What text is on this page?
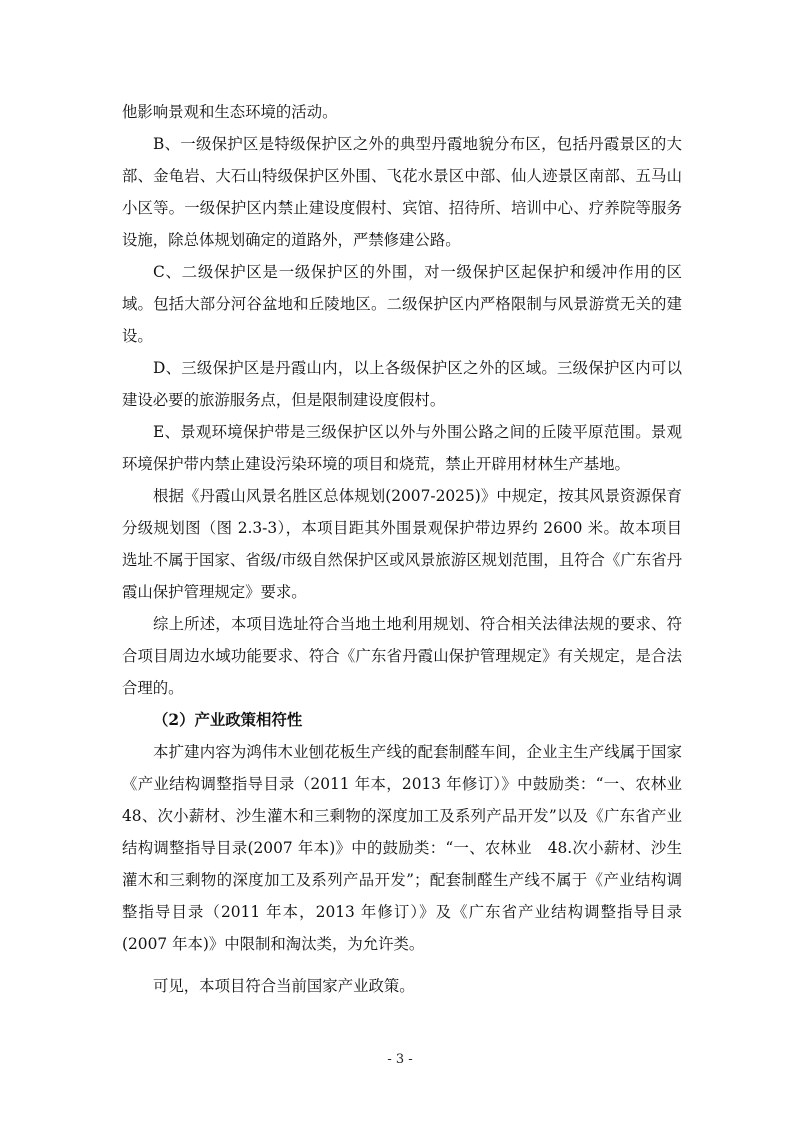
他影响景观和生态环境的活动。

B、一级保护区是特级保护区之外的典型丹霞地貌分布区，包括丹霞景区的大部、金龟岩、大石山特级保护区外围、飞花水景区中部、仙人迹景区南部、五马山小区等。一级保护区内禁止建设度假村、宾馆、招待所、培训中心、疗养院等服务设施，除总体规划确定的道路外，严禁修建公路。

C、二级保护区是一级保护区的外围，对一级保护区起保护和缓冲作用的区域。包括大部分河谷盆地和丘陵地区。二级保护区内严格限制与风景游赏无关的建设。

D、三级保护区是丹霞山内，以上各级保护区之外的区域。三级保护区内可以建设必要的旅游服务点，但是限制建设度假村。

E、景观环境保护带是三级保护区以外与外围公路之间的丘陵平原范围。景观环境保护带内禁止建设污染环境的项目和烧荒，禁止开辟用材林生产基地。

根据《丹霞山风景名胜区总体规划(2007-2025)》中规定，按其风景资源保育分级规划图（图 2.3-3），本项目距其外围景观保护带边界约 2600 米。故本项目选址不属于国家、省级/市级自然保护区或风景旅游区规划范围，且符合《广东省丹霞山保护管理规定》要求。

综上所述，本项目选址符合当地土地利用规划、符合相关法律法规的要求、符合项目周边水域功能要求、符合《广东省丹霞山保护管理规定》有关规定，是合法合理的。

（2）产业政策相符性

本扩建内容为鸿伟木业刨花板生产线的配套制醛车间，企业主生产线属于国家《产业结构调整指导目录（2011 年本，2013 年修订）》中鼓励类：“一、农林业　48、次小薪材、沙生灌木和三剩物的深度加工及系列产品开发”以及《广东省产业结构调整指导目录(2007 年本)》中的鼓励类：“一、农林业　48.次小薪材、沙生灌木和三剩物的深度加工及系列产品开发”；配套制醛生产线不属于《产业结构调整指导目录（2011 年本，2013 年修订）》及《广东省产业结构调整指导目录(2007 年本)》中限制和淘汰类，为允许类。

可见，本项目符合当前国家产业政策。

- 3 -
